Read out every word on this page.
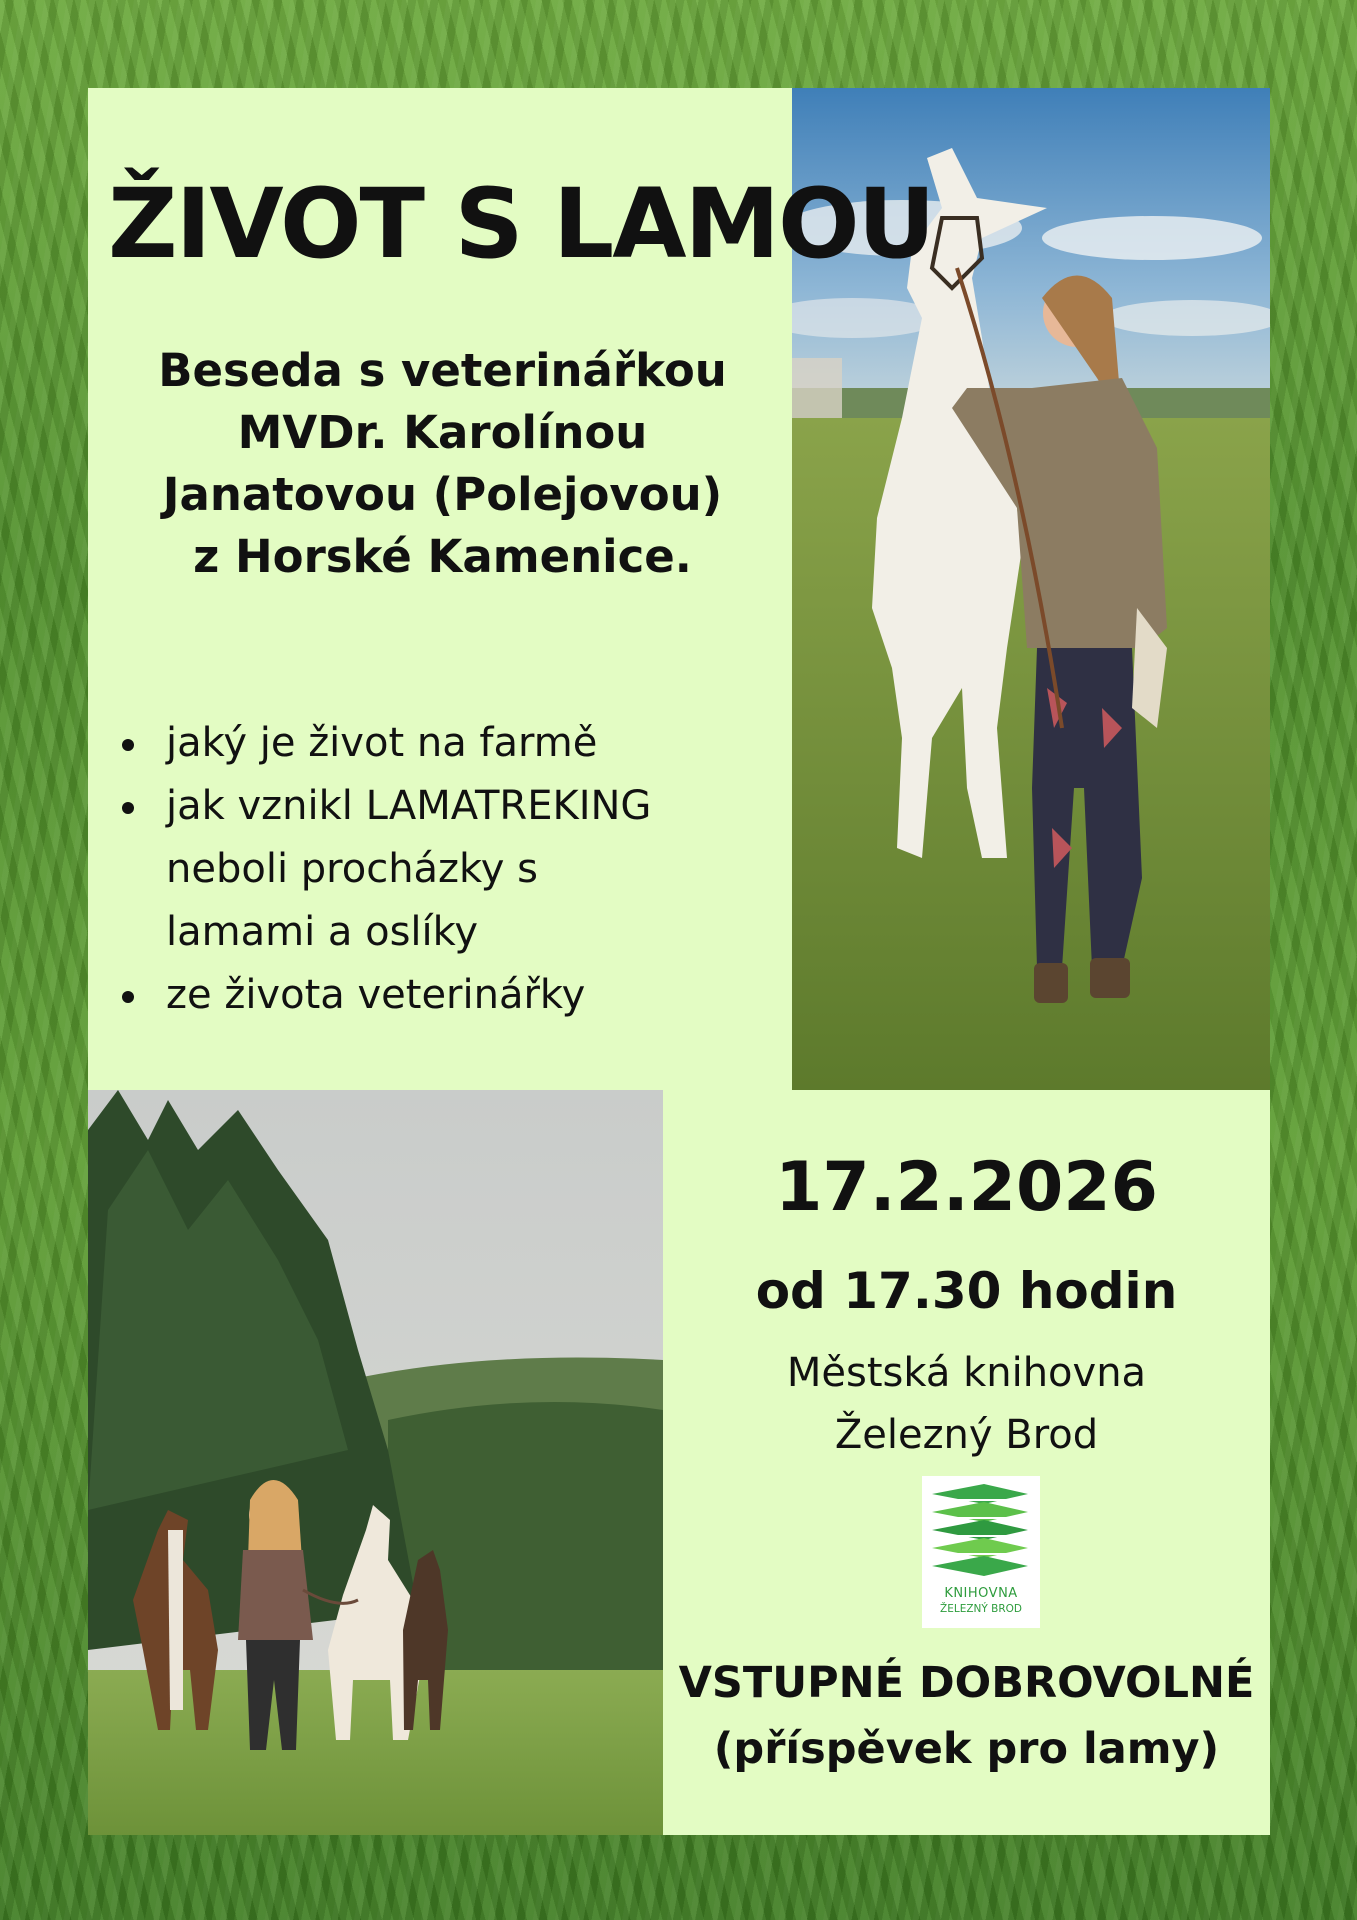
ŽIVOT S LAMOU
Beseda s veterinářkou
MVDr. Karolínou
Janatovou (Polejovou)
z Horské Kamenice.
jaký je život na farmě
jak vznikl LAMATREKING neboli procházky s lamami a oslíky
ze života veterinářky
17.2.2026
od 17.30 hodin
Městská knihovna
Železný Brod
KNIHOVNA
ŽELEZNÝ BROD
VSTUPNÉ DOBROVOLNÉ
(příspěvek pro lamy)
